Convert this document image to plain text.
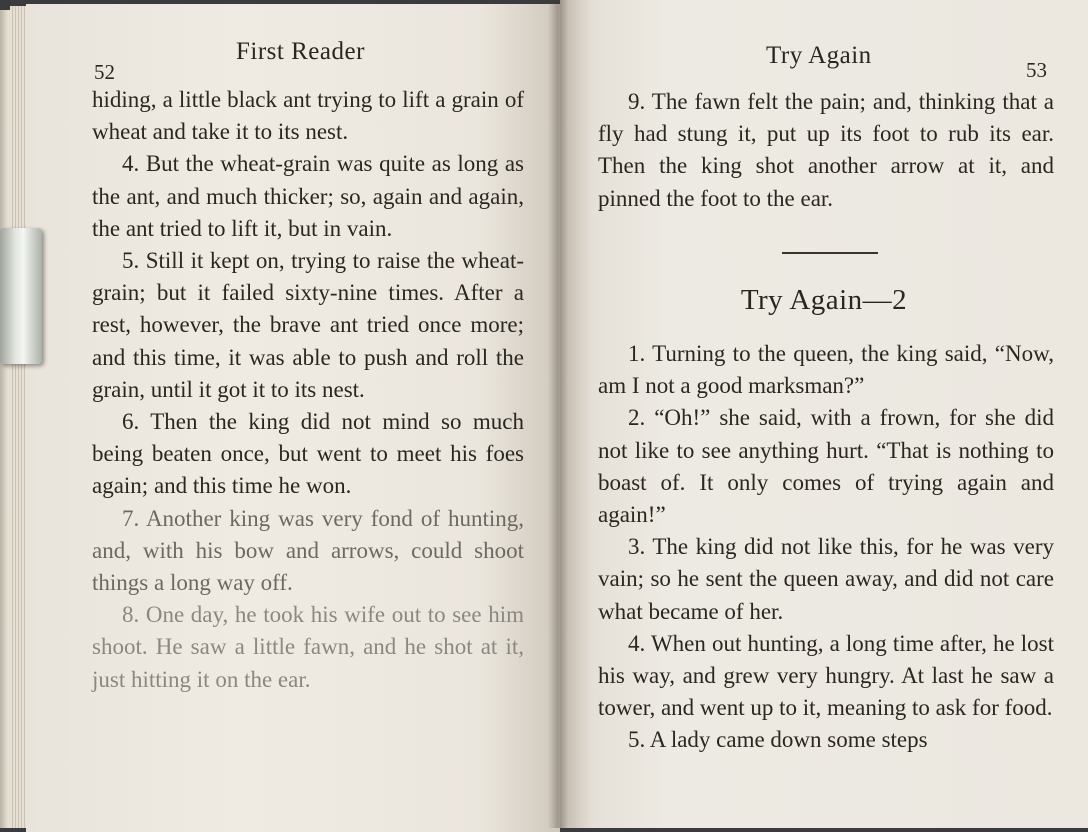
52
First Reader

hiding, a little black ant trying to lift a grain of wheat and take it to its nest.

4. But the wheat-grain was quite as long as the ant, and much thicker; so, again and again, the ant tried to lift it, but in vain.

5. Still it kept on, trying to raise the wheat-grain; but it failed sixty-nine times. After a rest, however, the brave ant tried once more; and this time, it was able to push and roll the grain, until it got it to its nest.

6. Then the king did not mind so much being beaten once, but went to meet his foes again; and this time he won.

7. Another king was very fond of hunting, and, with his bow and arrows, could shoot things a long way off.

8. One day, he took his wife out to see him shoot. He saw a little fawn, and he shot at it, just hitting it on the ear.

Try Again
53

9. The fawn felt the pain; and, thinking that a fly had stung it, put up its foot to rub its ear. Then the king shot another arrow at it, and pinned the foot to the ear.

Try Again—2

1. Turning to the queen, the king said, “Now, am I not a good marksman?”

2. “Oh!” she said, with a frown, for she did not like to see anything hurt. “That is nothing to boast of. It only comes of trying again and again!”

3. The king did not like this, for he was very vain; so he sent the queen away, and did not care what became of her.

4. When out hunting, a long time after, he lost his way, and grew very hungry. At last he saw a tower, and went up to it, meaning to ask for food.

5. A lady came down some steps
